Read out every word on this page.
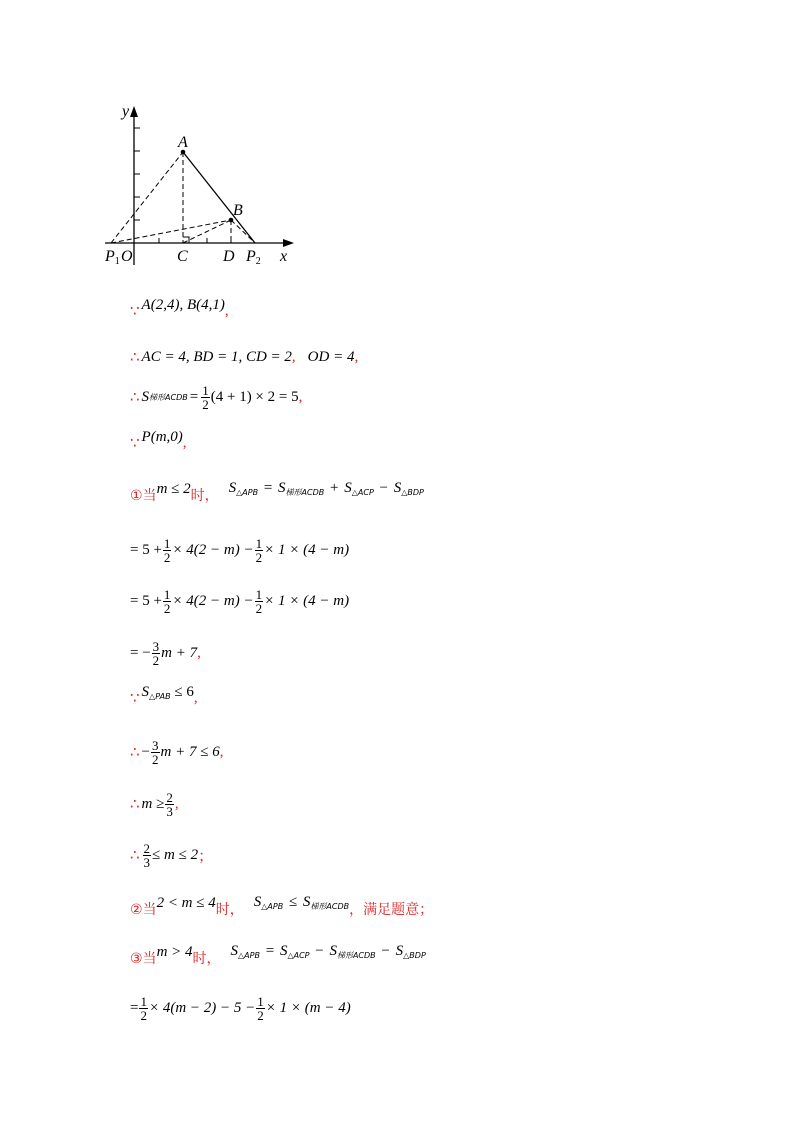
y
x
A
B
C D
O
P1	P2
∵ A(2,4), B(4,1) ,
∴ AC = 4, BD = 1, CD = 2 , OD = 4 ,
∴ S 梯形ACDB = $\frac{1}{2} (4 + 1) \times 2 = 5$ ,
∵ P(m,0) ,
①当 m ≤ 2 时， $S_{\triangle APB} = S_{梯形ACDB} + S_{\triangle ACP} - S_{\triangle BDP}$
= $5 + \frac{1}{2} \times 4(2 - m) - \frac{1}{2} \times 1 \times (4 - m)$
= $5 + \frac{1}{2} \times 4(2 - m) - \frac{1}{2} \times 1 \times (4 - m)$
= − $\frac{3}{2}$ m + 7 ,
∵ $S_{\triangle PAB} \le 6$ ,
∴ − $\frac{3}{2}$ m + 7 ≤ 6 ,
∴ $m \ge \frac{2}{3}$ ,
∴ $\frac{2}{3} \le m \le 2$ ；
②当 2 < m ≤ 4 时， $S_{\triangle APB} \le S_{梯形ACDB}$ ，满足题意；
③当 m > 4 时， $S_{\triangle APB} = S_{\triangle ACP} - S_{梯形ACDB} - S_{\triangle BDP}$
= $\frac{1}{2} \times 4(m - 2) - 5 - \frac{1}{2} \times 1 \times (m - 4)$
